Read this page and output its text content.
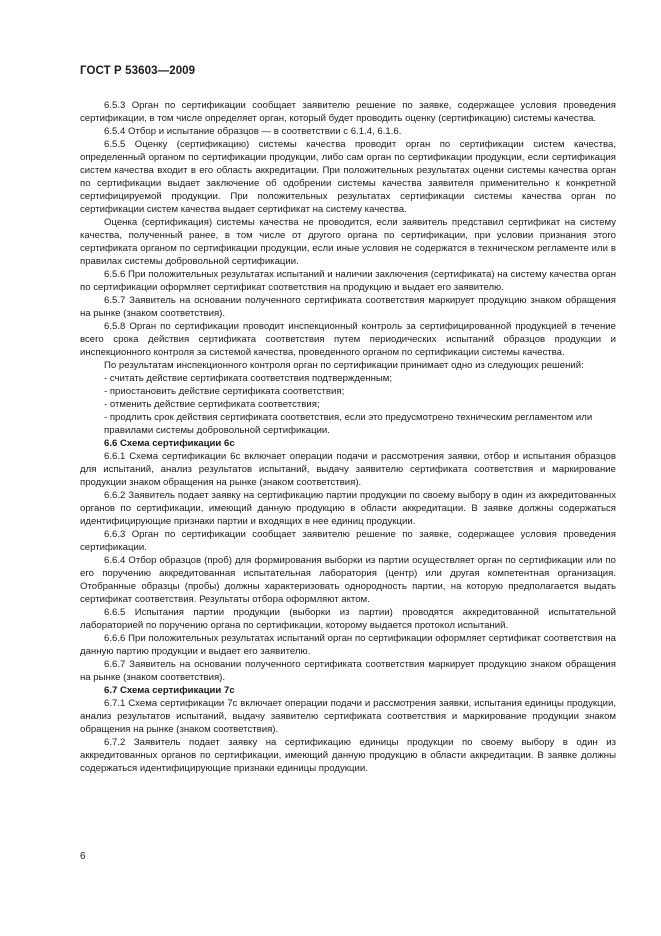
ГОСТ Р 53603—2009

6.5.3 Орган по сертификации сообщает заявителю решение по заявке, содержащее условия проведения сертификации, в том числе определяет орган, который будет проводить оценку (сертификацию) системы качества.

6.5.4 Отбор и испытание образцов — в соответствии с 6.1.4, 6.1.6.

6.5.5 Оценку (сертификацию) системы качества проводит орган по сертификации систем качества, определенный органом по сертификации продукции, либо сам орган по сертификации продукции, если сертификация систем качества входит в его область аккредитации. При положительных результатах оценки системы качества орган по сертификации выдает заключение об одобрении системы качества заявителя применительно к конкретной сертифицируемой продукции. При положительных результатах сертификации системы качества орган по сертификации систем качества выдает сертификат на систему качества.

Оценка (сертификация) системы качества не проводится, если заявитель представил сертификат на систему качества, полученный ранее, в том числе от другого органа по сертификации, при условии признания этого сертификата органом по сертификации продукции, если иные условия не содержатся в техническом регламенте или в правилах системы добровольной сертификации.

6.5.6 При положительных результатах испытаний и наличии заключения (сертификата) на систему качества орган по сертификации оформляет сертификат соответствия на продукцию и выдает его заявителю.

6.5.7 Заявитель на основании полученного сертификата соответствия маркирует продукцию знаком обращения на рынке (знаком соответствия).

6.5.8 Орган по сертификации проводит инспекционный контроль за сертифицированной продукцией в течение всего срока действия сертификата соответствия путем периодических испытаний образцов продукции и инспекционного контроля за системой качества, проведенного органом по сертификации системы качества.

По результатам инспекционного контроля орган по сертификации принимает одно из следующих решений:

- считать действие сертификата соответствия подтвержденным;

- приостановить действие сертификата соответствия;

- отменить действие сертификата соответствия;

- продлить срок действия сертификата соответствия, если это предусмотрено техническим регламентом или правилами системы добровольной сертификации.

6.6 Схема сертификации 6с

6.6.1 Схема сертификации 6с включает операции подачи и рассмотрения заявки, отбор и испытания образцов для испытаний, анализ результатов испытаний, выдачу заявителю сертификата соответствия и маркирование продукции знаком обращения на рынке (знаком соответствия).

6.6.2 Заявитель подает заявку на сертификацию партии продукции по своему выбору в один из аккредитованных органов по сертификации, имеющий данную продукцию в области аккредитации. В заявке должны содержаться идентифицирующие признаки партии и входящих в нее единиц продукции.

6.6.3 Орган по сертификации сообщает заявителю решение по заявке, содержащее условия проведения сертификации.

6.6.4 Отбор образцов (проб) для формирования выборки из партии осуществляет орган по сертификации или по его поручению аккредитованная испытательная лаборатория (центр) или другая компетентная организация. Отобранные образцы (пробы) должны характеризовать однородность партии, на которую предполагается выдать сертификат соответствия. Результаты отбора оформляют актом.

6.6.5 Испытания партии продукции (выборки из партии) проводятся аккредитованной испытательной лабораторией по поручению органа по сертификации, которому выдается протокол испытаний.

6.6.6 При положительных результатах испытаний орган по сертификации оформляет сертификат соответствия на данную партию продукции и выдает его заявителю.

6.6.7 Заявитель на основании полученного сертификата соответствия маркирует продукцию знаком обращения на рынке (знаком соответствия).

6.7 Схема сертификации 7с

6.7.1 Схема сертификации 7с включает операции подачи и рассмотрения заявки, испытания единицы продукции, анализ результатов испытаний, выдачу заявителю сертификата соответствия и маркирование продукции знаком обращения на рынке (знаком соответствия).

6.7.2 Заявитель подает заявку на сертификацию единицы продукции по своему выбору в один из аккредитованных органов по сертификации, имеющий данную продукцию в области аккредитации. В заявке должны содержаться идентифицирующие признаки единицы продукции.

6
